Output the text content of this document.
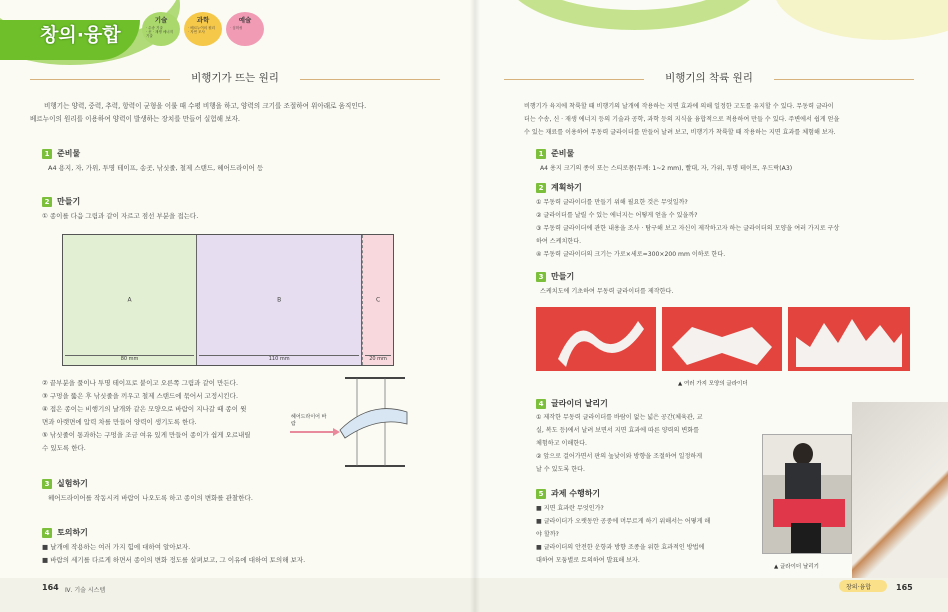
창의·융합
기술
· 수송 기술
· 신 · 재생 에너지 기술
과학
· 베르누이의 원리
· 자연 모사
예술
· 심미성
비행기가 뜨는 원리
비행기는 양력, 중력, 추력, 항력이 균형을 이룰 때 수평 비행을 하고, 양력의 크기를 조절하여 위아래로 움직인다.
베르누이의 원리를 이용하여 양력이 발생하는 장치를 만들어 실험해 보자.
1 준비물
A4 용지, 자, 가위, 투명 테이프, 송곳, 낚싯줄, 철제 스탠드, 헤어드라이어 등
2 만들기
① 종이를 다음 그림과 같이 자르고 점선 부분을 접는다.
A
80 mm
B
110 mm
C
20 mm
② 끝부분을 풀이나 투명 테이프로 붙이고 오른쪽 그림과 같이 만든다.
③ 구멍을 뚫은 후 낚싯줄을 끼우고 철제 스탠드에 묶어서 고정시킨다.
④ 접은 종이는 비행기의 날개와 같은 모양으로 바람이 지나갈 때 종이 윗
면과 아랫면에 압력 차를 만들어 양력이 생기도록 한다.
⑤ 낚싯줄이 통과하는 구멍을 조금 여유 있게 만들어 종이가 쉽게 오르내릴
수 있도록 한다.
헤어드라이어 바람
3 실험하기
헤어드라이어를 작동시켜 바람이 나오도록 하고 종이의 변화를 관찰한다.
4 토의하기
■ 날개에 작용하는 여러 가지 힘에 대하여 알아보자.
■ 바람의 세기를 다르게 하면서 종이의 변화 정도를 살펴보고, 그 이유에 대하여 토의해 보자.
164 Ⅳ. 기술 시스템
비행기의 착륙 원리
비행기가 육지에 착륙할 때 비행기의 날개에 작용하는 지면 효과에 의해 일정한 고도를 유지할 수 있다. 무동력 글라이
더는 수송, 신 · 재생 에너지 등의 기술과 공학, 과학 등의 지식을 융합적으로 적용하여 만들 수 있다. 주변에서 쉽게 얻을
수 있는 재료를 이용하여 무동력 글라이더를 만들어 날려 보고, 비행기가 착륙할 때 작용하는 지면 효과를 체험해 보자.
1 준비물
A4 용지 크기의 종이 또는 스티로폼(두께: 1~2 mm), 빨대, 자, 가위, 투명 테이프, 우드락(A3)
2 계획하기
① 무동력 글라이더를 만들기 위해 필요한 것은 무엇일까?
② 글라이더를 날릴 수 있는 에너지는 어떻게 얻을 수 있을까?
③ 무동력 글라이더에 관한 내용을 조사 · 탐구해 보고 자신이 제작하고자 하는 글라이더의 모양을 여러 가지로 구상
하여 스케치한다.
④ 무동력 글라이더의 크기는 가로×세로=300×200 mm 이하로 한다.
3 만들기
스케치도에 기초하여 무동력 글라이더를 제작한다.
▲ 여러 가지 모양의 글라이더
4 글라이더 날리기
① 제작한 무동력 글라이더를 바람이 없는 넓은 공간(체육관, 교
실, 복도 등)에서 날려 보면서 지면 효과에 따른 양력의 변화를
체험하고 이해한다.
② 앞으로 걸어가면서 판의 높낮이와 방향을 조절하여 일정하게
날 수 있도록 한다.
5 과제 수행하기
■ 지면 효과란 무엇인가?
■ 글라이더가 오랫동안 공중에 머무르게 하기 위해서는 어떻게 해
야 할까?
■ 글라이더의 안전한 운항과 방향 조종을 위한 효과적인 방법에
대하여 모둠별로 토의하여 발표해 보자.
▲ 글라이더 날리기
창의·융합	165
